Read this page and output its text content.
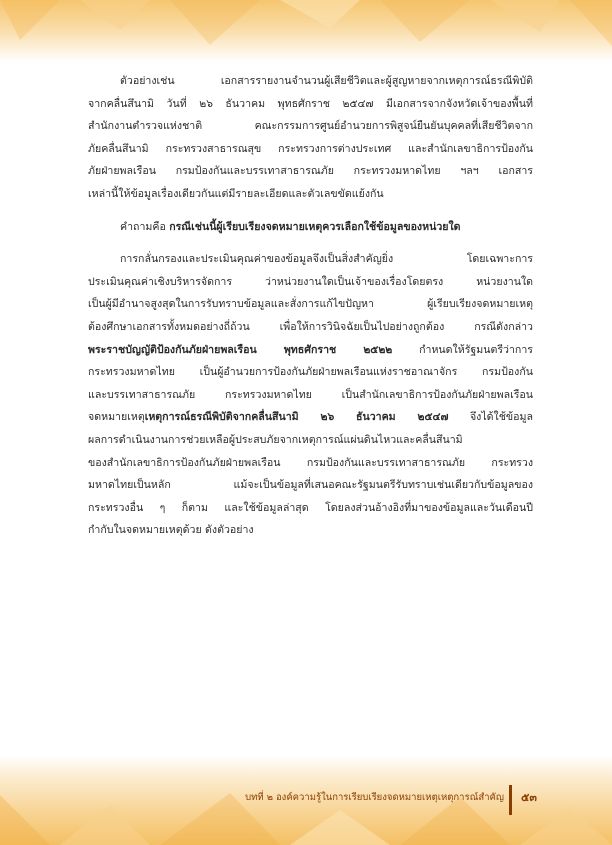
ตัวอย่างเช่น เอกสารรายงานจำนวนผู้เสียชีวิตและผู้สูญหายจากเหตุการณ์ธรณีพิบัติ
จากคลื่นสึนามิ วันที่ ๒๖ ธันวาคม พุทธศักราช ๒๕๔๗ มีเอกสารจากจังหวัดเจ้าของพื้นที่
สำนักงานตำรวจแห่งชาติ คณะกรรมการศูนย์อำนวยการพิสูจน์ยืนยันบุคคลที่เสียชีวิตจาก
ภัยคลื่นสึนามิ กระทรวงสาธารณสุข กระทรวงการต่างประเทศ และสำนักเลขาธิการป้องกัน
ภัยฝ่ายพลเรือน กรมป้องกันและบรรเทาสาธารณภัย กระทรวงมหาดไทย ฯลฯ เอกสาร
เหล่านี้ให้ข้อมูลเรื่องเดียวกันแต่มีรายละเอียดและตัวเลขขัดแย้งกัน

คำถามคือ กรณีเช่นนี้ผู้เรียบเรียงจดหมายเหตุควรเลือกใช้ข้อมูลของหน่วยใด

การกลั่นกรองและประเมินคุณค่าของข้อมูลจึงเป็นสิ่งสำคัญยิ่ง โดยเฉพาะการ
ประเมินคุณค่าเชิงบริหารจัดการ ว่าหน่วยงานใดเป็นเจ้าของเรื่องโดยตรง หน่วยงานใด
เป็นผู้มีอำนาจสูงสุดในการรับทราบข้อมูลและสั่งการแก้ไขปัญหา ผู้เรียบเรียงจดหมายเหตุ
ต้องศึกษาเอกสารทั้งหมดอย่างถี่ถ้วน เพื่อให้การวินิจฉัยเป็นไปอย่างถูกต้อง กรณีดังกล่าว
พระราชบัญญัติป้องกันภัยฝ่ายพลเรือน พุทธศักราช ๒๕๒๒ กำหนดให้รัฐมนตรีว่าการ
กระทรวงมหาดไทย เป็นผู้อำนวยการป้องกันภัยฝ่ายพลเรือนแห่งราชอาณาจักร กรมป้องกัน
และบรรเทาสาธารณภัย กระทรวงมหาดไทย เป็นสำนักเลขาธิการป้องกันภัยฝ่ายพลเรือน
จดหมายเหตุเหตุการณ์ธรณีพิบัติจากคลื่นสึนามิ ๒๖ ธันวาคม ๒๕๔๗ จึงได้ใช้ข้อมูล
ผลการดำเนินงานการช่วยเหลือผู้ประสบภัยจากเหตุการณ์แผ่นดินไหวและคลื่นสึนามิ
ของสำนักเลขาธิการป้องกันภัยฝ่ายพลเรือน กรมป้องกันและบรรเทาสาธารณภัย กระทรวง
มหาดไทยเป็นหลัก แม้จะเป็นข้อมูลที่เสนอคณะรัฐมนตรีรับทราบเช่นเดียวกับข้อมูลของ
กระทรวงอื่น ๆ ก็ตาม และใช้ข้อมูลล่าสุด โดยลงส่วนอ้างอิงที่มาของข้อมูลและวันเดือนปี
กำกับในจดหมายเหตุด้วย ดังตัวอย่าง
บทที่ ๒ องค์ความรู้ในการเรียบเรียงจดหมายเหตุเหตุการณ์สำคัญ ๕๓
